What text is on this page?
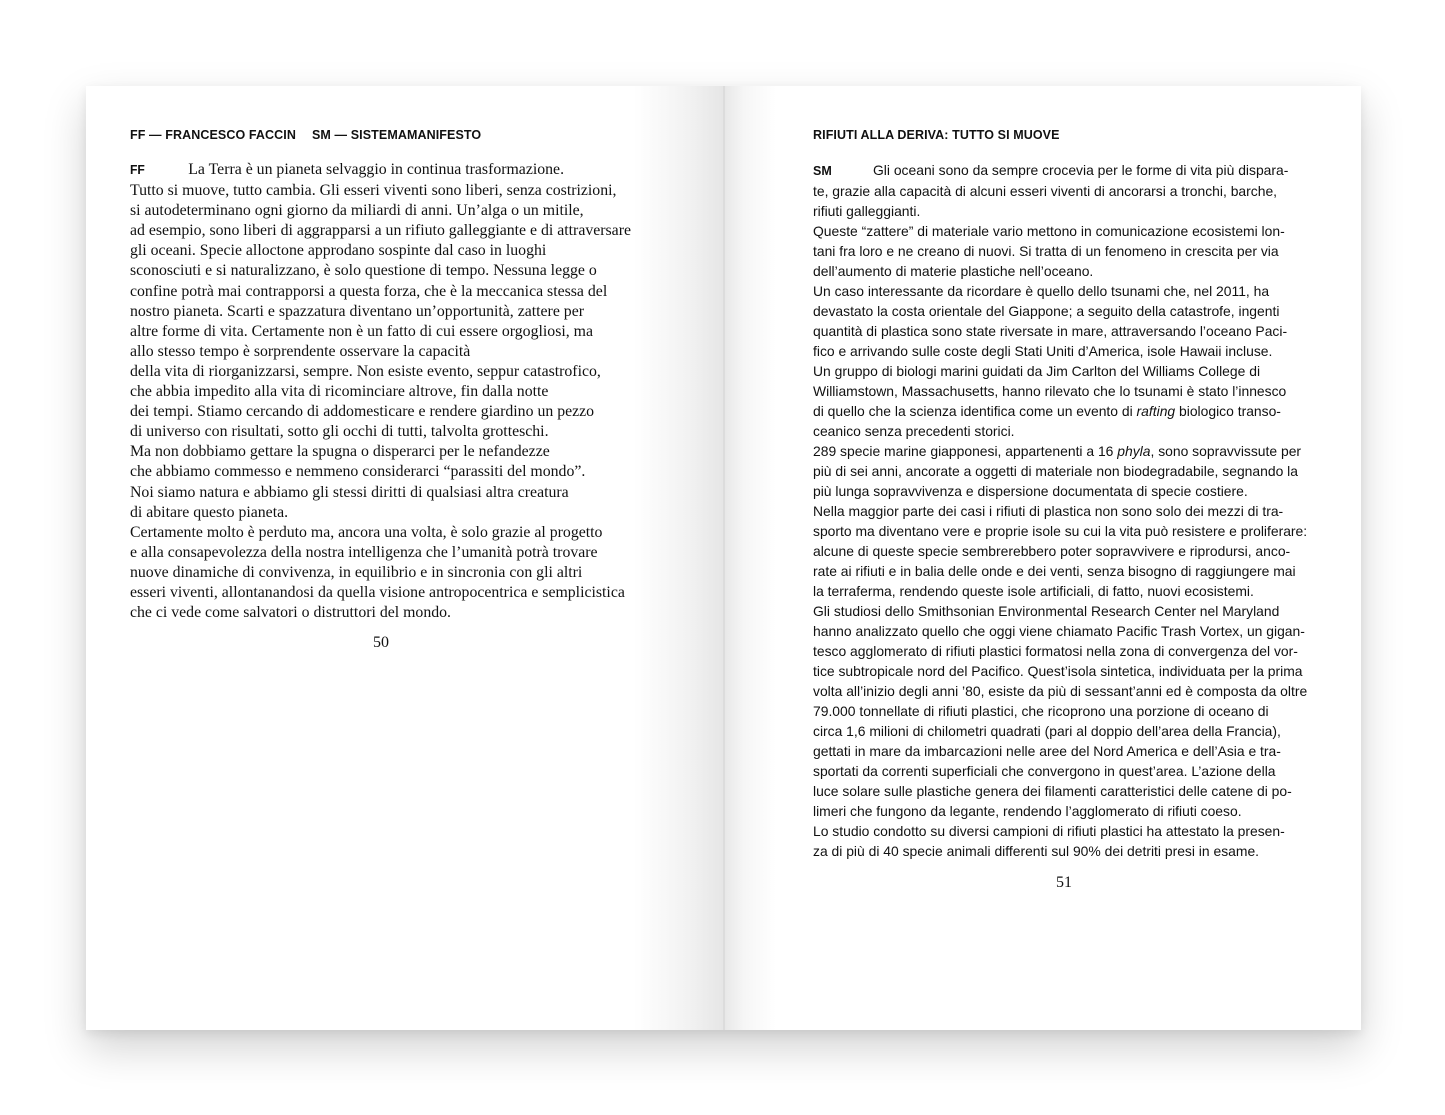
FF — FRANCESCO FACCIN SM — SISTEMAMANIFESTO
FF	La Terra è un pianeta selvaggio in continua trasformazione.
Tutto si muove, tutto cambia. Gli esseri viventi sono liberi, senza costrizioni,
si autodeterminano ogni giorno da miliardi di anni. Un’alga o un mitile,
ad esempio, sono liberi di aggrapparsi a un rifiuto galleggiante e di attraversare
gli oceani. Specie alloctone approdano sospinte dal caso in luoghi
sconosciuti e si naturalizzano, è solo questione di tempo. Nessuna legge o
confine potrà mai contrapporsi a questa forza, che è la meccanica stessa del
nostro pianeta. Scarti e spazzatura diventano un’opportunità, zattere per
altre forme di vita. Certamente non è un fatto di cui essere orgogliosi, ma
allo stesso tempo è sorprendente osservare la capacità
della vita di riorganizzarsi, sempre. Non esiste evento, seppur catastrofico,
che abbia impedito alla vita di ricominciare altrove, fin dalla notte
dei tempi. Stiamo cercando di addomesticare e rendere giardino un pezzo
di universo con risultati, sotto gli occhi di tutti, talvolta grotteschi.
Ma non dobbiamo gettare la spugna o disperarci per le nefandezze
che abbiamo commesso e nemmeno considerarci “parassiti del mondo”.
Noi siamo natura e abbiamo gli stessi diritti di qualsiasi altra creatura
di abitare questo pianeta.
Certamente molto è perduto ma, ancora una volta, è solo grazie al progetto
e alla consapevolezza della nostra intelligenza che l’umanità potrà trovare
nuove dinamiche di convivenza, in equilibrio e in sincronia con gli altri
esseri viventi, allontanandosi da quella visione antropocentrica e semplicistica
che ci vede come salvatori o distruttori del mondo.
50
RIFIUTI ALLA DERIVA: TUTTO SI MUOVE
SM	Gli oceani sono da sempre crocevia per le forme di vita più dispara-
te, grazie alla capacità di alcuni esseri viventi di ancorarsi a tronchi, barche,
rifiuti galleggianti.
Queste “zattere” di materiale vario mettono in comunicazione ecosistemi lon-
tani fra loro e ne creano di nuovi. Si tratta di un fenomeno in crescita per via
dell’aumento di materie plastiche nell’oceano.
Un caso interessante da ricordare è quello dello tsunami che, nel 2011, ha
devastato la costa orientale del Giappone; a seguito della catastrofe, ingenti
quantità di plastica sono state riversate in mare, attraversando l’oceano Paci-
fico e arrivando sulle coste degli Stati Uniti d’America, isole Hawaii incluse.
Un gruppo di biologi marini guidati da Jim Carlton del Williams College di
Williamstown, Massachusetts, hanno rilevato che lo tsunami è stato l’innesco
di quello che la scienza identifica come un evento di rafting biologico transo-
ceanico senza precedenti storici.
289 specie marine giapponesi, appartenenti a 16 phyla, sono sopravvissute per
più di sei anni, ancorate a oggetti di materiale non biodegradabile, segnando la
più lunga sopravvivenza e dispersione documentata di specie costiere.
Nella maggior parte dei casi i rifiuti di plastica non sono solo dei mezzi di tra-
sporto ma diventano vere e proprie isole su cui la vita può resistere e proliferare:
alcune di queste specie sembrerebbero poter sopravvivere e riprodursi, anco-
rate ai rifiuti e in balia delle onde e dei venti, senza bisogno di raggiungere mai
la terraferma, rendendo queste isole artificiali, di fatto, nuovi ecosistemi.
Gli studiosi dello Smithsonian Environmental Research Center nel Maryland
hanno analizzato quello che oggi viene chiamato Pacific Trash Vortex, un gigan-
tesco agglomerato di rifiuti plastici formatosi nella zona di convergenza del vor-
tice subtropicale nord del Pacifico. Quest’isola sintetica, individuata per la prima
volta all’inizio degli anni ’80, esiste da più di sessant’anni ed è composta da oltre
79.000 tonnellate di rifiuti plastici, che ricoprono una porzione di oceano di
circa 1,6 milioni di chilometri quadrati (pari al doppio dell’area della Francia),
gettati in mare da imbarcazioni nelle aree del Nord America e dell’Asia e tra-
sportati da correnti superficiali che convergono in quest’area. L’azione della
luce solare sulle plastiche genera dei filamenti caratteristici delle catene di po-
limeri che fungono da legante, rendendo l’agglomerato di rifiuti coeso.
Lo studio condotto su diversi campioni di rifiuti plastici ha attestato la presen-
za di più di 40 specie animali differenti sul 90% dei detriti presi in esame.
51
